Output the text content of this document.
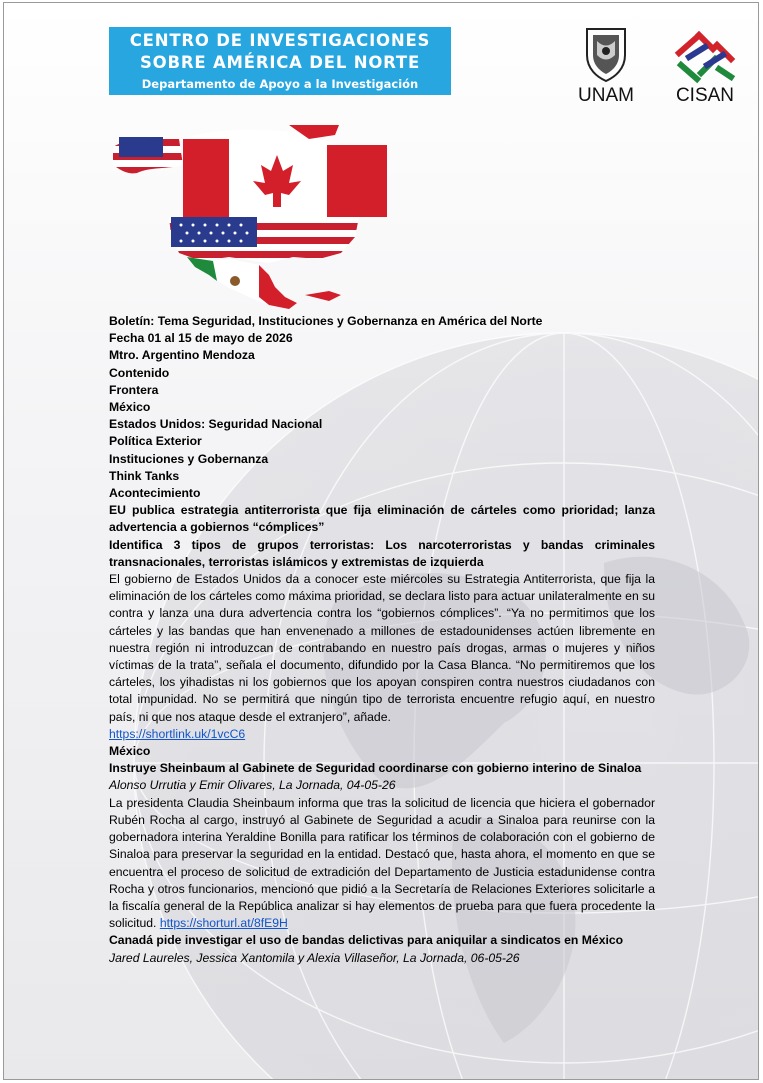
CENTRO DE INVESTIGACIONES
SOBRE AMÉRICA DEL NORTE
Departamento de Apoyo a la Investigación
UNAM	CISAN

Boletín: Tema Seguridad, Instituciones y Gobernanza en América del Norte

Fecha 01 al 15 de mayo de 2026

Mtro. Argentino Mendoza

Contenido

Frontera

México

Estados Unidos: Seguridad Nacional

Política Exterior

Instituciones y Gobernanza

Think Tanks

Acontecimiento

EU publica estrategia antiterrorista que fija eliminación de cárteles como prioridad; lanza advertencia a gobiernos “cómplices”

Identifica 3 tipos de grupos terroristas: Los narcoterroristas y bandas criminales transnacionales, terroristas islámicos y extremistas de izquierda

El gobierno de Estados Unidos da a conocer este miércoles su Estrategia Antiterrorista, que fija la eliminación de los cárteles como máxima prioridad, se declara listo para actuar unilateralmente en su contra y lanza una dura advertencia contra los “gobiernos cómplices”. “Ya no permitimos que los cárteles y las bandas que han envenenado a millones de estadounidenses actúen libremente en nuestra región ni introduzcan de contrabando en nuestro país drogas, armas o mujeres y niños víctimas de la trata”, señala el documento, difundido por la Casa Blanca. “No permitiremos que los cárteles, los yihadistas ni los gobiernos que los apoyan conspiren contra nuestros ciudadanos con total impunidad. No se permitirá que ningún tipo de terrorista encuentre refugio aquí, en nuestro país, ni que nos ataque desde el extranjero”, añade.

https://shortlink.uk/1vcC6

México

Instruye Sheinbaum al Gabinete de Seguridad coordinarse con gobierno interino de Sinaloa

Alonso Urrutia y Emir Olivares, La Jornada, 04-05-26

La presidenta Claudia Sheinbaum informa que tras la solicitud de licencia que hiciera el gobernador Rubén Rocha al cargo, instruyó al Gabinete de Seguridad a acudir a Sinaloa para reunirse con la gobernadora interina Yeraldine Bonilla para ratificar los términos de colaboración con el gobierno de Sinaloa para preservar la seguridad en la entidad. Destacó que, hasta ahora, el momento en que se encuentra el proceso de solicitud de extradición del Departamento de Justicia estadunidense contra Rocha y otros funcionarios, mencionó que pidió a la Secretaría de Relaciones Exteriores solicitarle a la fiscalía general de la República analizar si hay elementos de prueba para que fuera procedente la solicitud. https://shorturl.at/8fE9H

Canadá pide investigar el uso de bandas delictivas para aniquilar a sindicatos en México

Jared Laureles, Jessica Xantomila y Alexia Villaseñor, La Jornada, 06-05-26
